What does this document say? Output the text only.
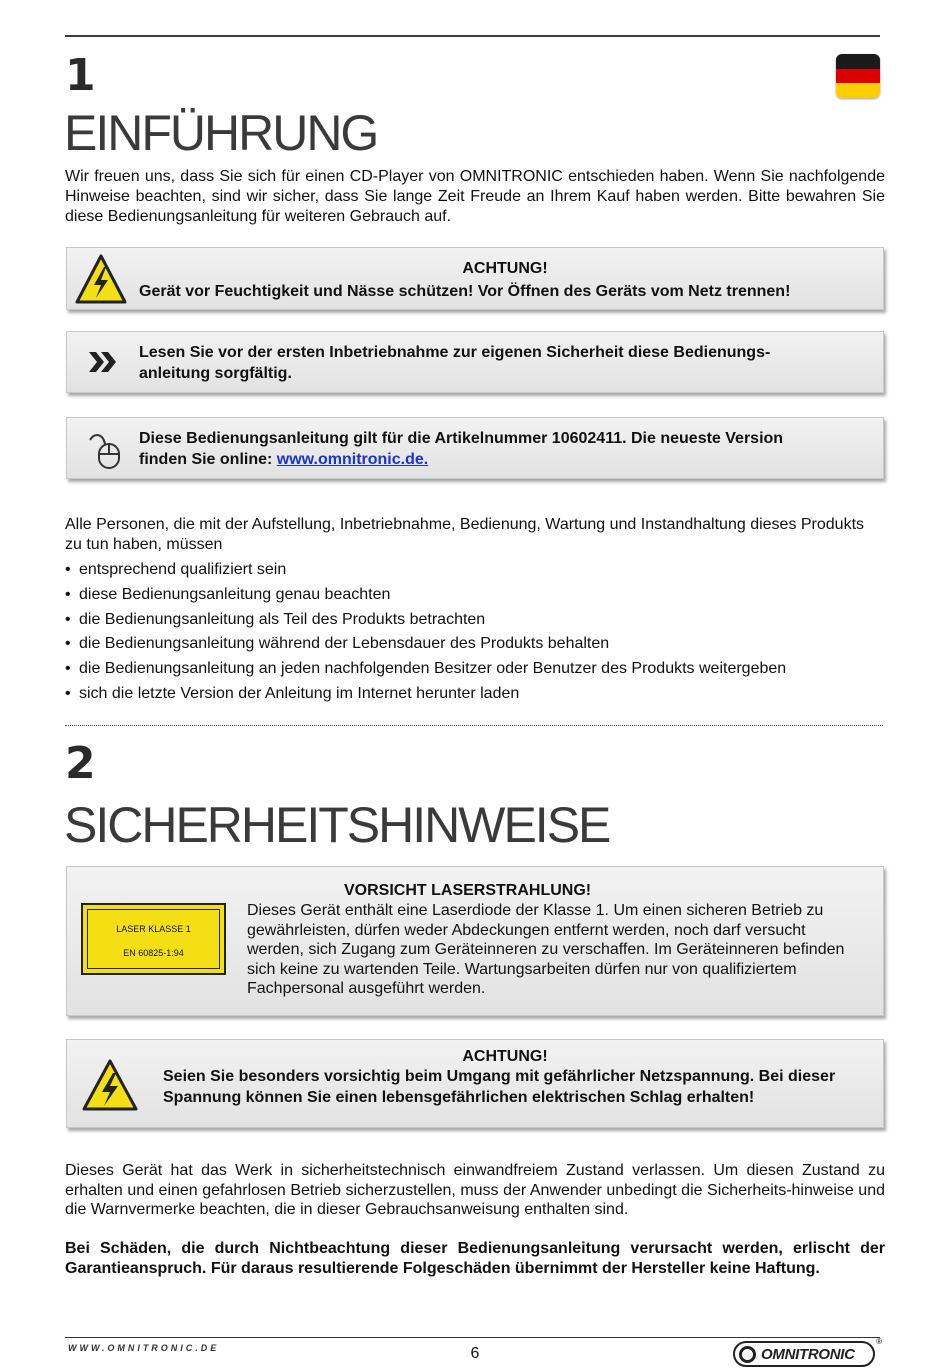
1
EINFÜHRUNG

Wir freuen uns, dass Sie sich für einen CD-Player von OMNITRONIC entschieden haben. Wenn Sie nachfolgende Hinweise beachten, sind wir sicher, dass Sie lange Zeit Freude an Ihrem Kauf haben werden. Bitte bewahren Sie diese Bedienungsanleitung für weiteren Gebrauch auf.

ACHTUNG!
Gerät vor Feuchtigkeit und Nässe schützen! Vor Öffnen des Geräts vom Netz trennen!
Lesen Sie vor der ersten Inbetriebnahme zur eigenen Sicherheit diese Bedienungs-
anleitung sorgfältig.
Diese Bedienungsanleitung gilt für die Artikelnummer 10602411. Die neueste Version
finden Sie online: www.omnitronic.de.

Alle Personen, die mit der Aufstellung, Inbetriebnahme, Bedienung, Wartung und Instandhaltung dieses Produkts zu tun haben, müssen

• entsprechend qualifiziert sein
• diese Bedienungsanleitung genau beachten
• die Bedienungsanleitung als Teil des Produkts betrachten
• die Bedienungsanleitung während der Lebensdauer des Produkts behalten
• die Bedienungsanleitung an jeden nachfolgenden Besitzer oder Benutzer des Produkts weitergeben
• sich die letzte Version der Anleitung im Internet herunter laden
2
SICHERHEITSHINWEISE
LASER KLASSE 1
EN 60825-1:94
VORSICHT LASERSTRAHLUNG!
Dieses Gerät enthält eine Laserdiode der Klasse 1. Um einen sicheren Betrieb zu gewährleisten, dürfen weder Abdeckungen entfernt werden, noch darf versucht werden, sich Zugang zum Geräteinneren zu verschaffen. Im Geräteinneren befinden sich keine zu wartenden Teile. Wartungsarbeiten dürfen nur von qualifiziertem Fachpersonal ausgeführt werden.
ACHTUNG!
Seien Sie besonders vorsichtig beim Umgang mit gefährlicher Netzspannung. Bei dieser Spannung können Sie einen lebensgefährlichen elektrischen Schlag erhalten!

Dieses Gerät hat das Werk in sicherheitstechnisch einwandfreiem Zustand verlassen. Um diesen Zustand zu erhalten und einen gefahrlosen Betrieb sicherzustellen, muss der Anwender unbedingt die Sicherheits-hinweise und die Warnvermerke beachten, die in dieser Gebrauchsanweisung enthalten sind.

Bei Schäden, die durch Nichtbeachtung dieser Bedienungsanleitung verursacht werden, erlischt der Garantieanspruch. Für daraus resultierende Folgeschäden übernimmt der Hersteller keine Haftung.

WWW.OMNITRONIC.DE	6	OMNITRONIC
®
